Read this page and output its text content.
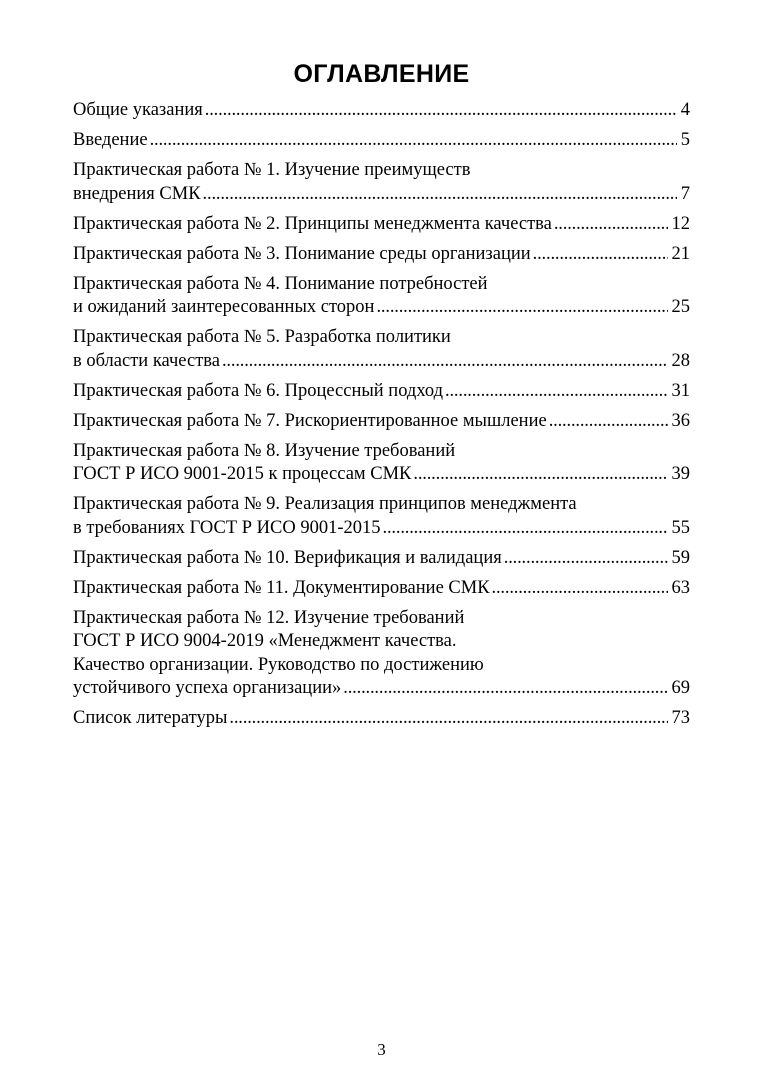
ОГЛАВЛЕНИЕ
Общие указания . . .	4
Введение . . .	5
Практическая работа № 1. Изучение преимуществ
внедрения СМК . . .	7
Практическая работа № 2. Принципы менеджмента качества . . .	12
Практическая работа № 3. Понимание среды организации . . .	21
Практическая работа № 4. Понимание потребностей
и ожиданий заинтересованных сторон . . .	25
Практическая работа № 5. Разработка политики
в области качества . . .	28
Практическая работа № 6. Процессный подход . . .	31
Практическая работа № 7. Рискориентированное мышление . . .	36
Практическая работа № 8. Изучение требований
ГОСТ Р ИСО 9001-2015 к процессам СМК . . .	39
Практическая работа № 9. Реализация принципов менеджмента
в требованиях ГОСТ Р ИСО 9001-2015 . . .	55
Практическая работа № 10. Верификация и валидация . . .	59
Практическая работа № 11. Документирование СМК . . .	63
Практическая работа № 12. Изучение требований
ГОСТ Р ИСО 9004-2019 «Менеджмент качества.
Качество организации. Руководство по достижению
устойчивого успеха организации» . . .	69
Список литературы . . .	73
3
